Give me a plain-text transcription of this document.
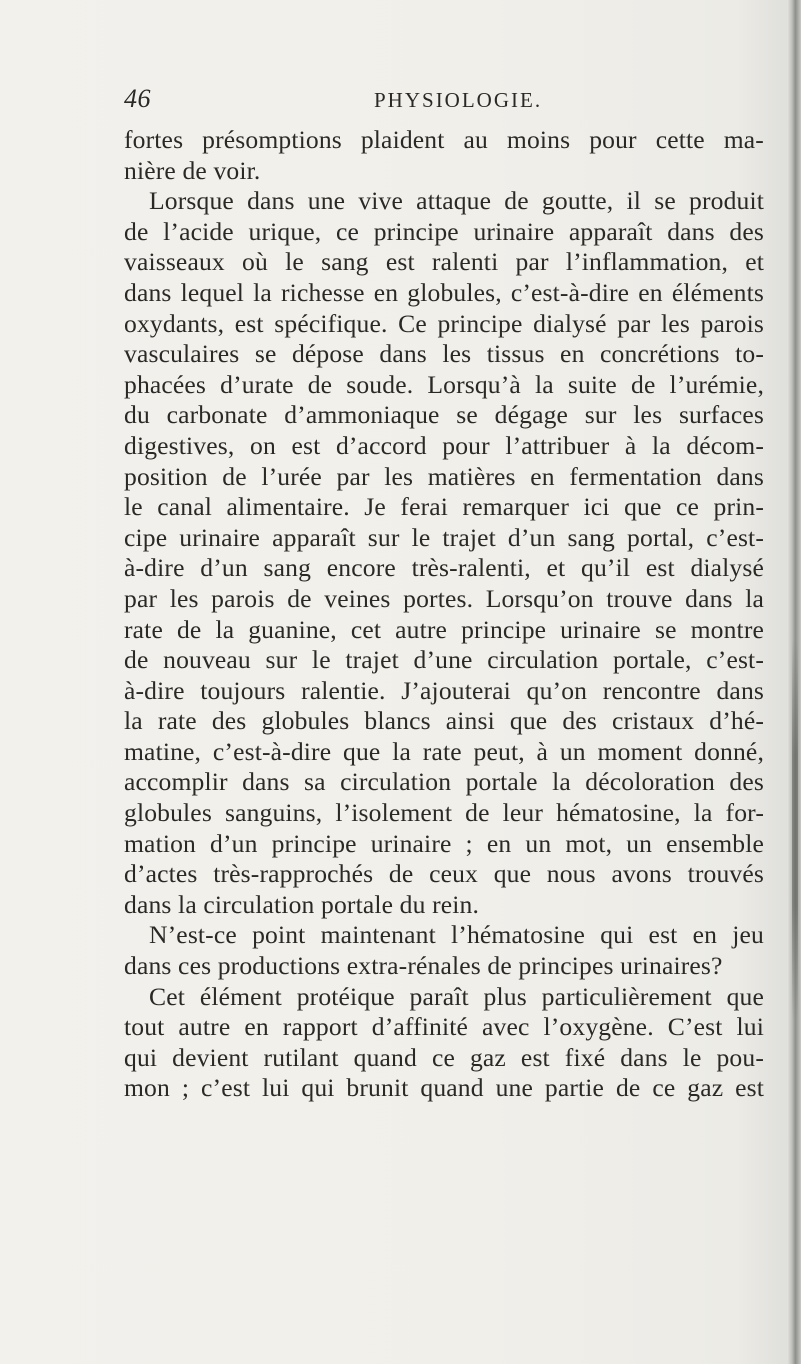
46	PHYSIOLOGIE.
fortes présomptions plaident au moins pour cette ma-
nière de voir.
Lorsque dans une vive attaque de goutte, il se produit
de l’acide urique, ce principe urinaire apparaît dans des
vaisseaux où le sang est ralenti par l’inflammation, et
dans lequel la richesse en globules, c’est-à-dire en éléments
oxydants, est spécifique. Ce principe dialysé par les parois
vasculaires se dépose dans les tissus en concrétions to-
phacées d’urate de soude. Lorsqu’à la suite de l’urémie,
du carbonate d’ammoniaque se dégage sur les surfaces
digestives, on est d’accord pour l’attribuer à la décom-
position de l’urée par les matières en fermentation dans
le canal alimentaire. Je ferai remarquer ici que ce prin-
cipe urinaire apparaît sur le trajet d’un sang portal, c’est-
à-dire d’un sang encore très-ralenti, et qu’il est dialysé
par les parois de veines portes. Lorsqu’on trouve dans la
rate de la guanine, cet autre principe urinaire se montre
de nouveau sur le trajet d’une circulation portale, c’est-
à-dire toujours ralentie. J’ajouterai qu’on rencontre dans
la rate des globules blancs ainsi que des cristaux d’hé-
matine, c’est-à-dire que la rate peut, à un moment donné,
accomplir dans sa circulation portale la décoloration des
globules sanguins, l’isolement de leur hématosine, la for-
mation d’un principe urinaire ; en un mot, un ensemble
d’actes très-rapprochés de ceux que nous avons trouvés
dans la circulation portale du rein.
N’est-ce point maintenant l’hématosine qui est en jeu
dans ces productions extra-rénales de principes urinaires?
Cet élément protéique paraît plus particulièrement que
tout autre en rapport d’affinité avec l’oxygène. C’est lui
qui devient rutilant quand ce gaz est fixé dans le pou-
mon ; c’est lui qui brunit quand une partie de ce gaz est
